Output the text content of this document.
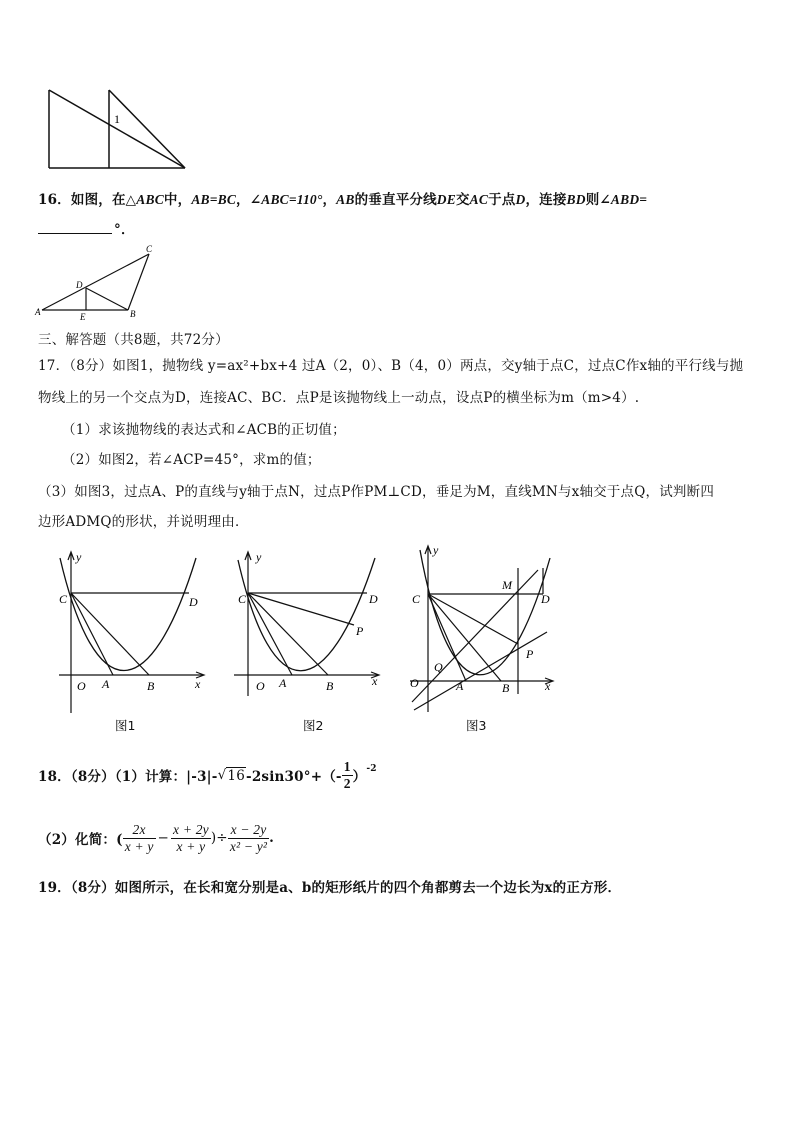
1
16．如图，在△ABC中，AB=BC，∠ABC=110°，AB的垂直平分线DE交AC于点D，连接BD则∠ABD=
°．
A	B
C
D
E
三、解答题（共8题，共72分）
17．（8分）如图1，抛物线 y=ax²+bx+4 过A（2，0）、B（4，0）两点，交y轴于点C，过点C作x轴的平行线与抛
物线上的另一个交点为D，连接AC、BC．点P是该抛物线上一动点，设点P的横坐标为m（m>4）.
（1）求该抛物线的表达式和∠ACB的正切值；
（2）如图2，若∠ACP=45°，求m的值；
（3）如图3，过点A、P的直线与y轴于点N，过点P作PM⊥CD，垂足为M，直线MN与x轴交于点Q，试判断四
边形ADMQ的形状，并说明理由．
y
x
O A	B
C	D
图1
y
x
O A	B
C	D
P
图2
y
x
O	A	B
C	D
M
P
Q
图3
18．（8分）（1）计算：|-3|- √ 16 $-2\sin 30^\circ+(- \frac{1}{2} )^{-2}$
（2）化简：( $\frac{2x}{x + y} - \frac{x + 2y}{x + y}$ )÷ $\frac{x - 2y}{\text{x² − y²}}$ .
19．（8分）如图所示，在长和宽分别是a、b的矩形纸片的四个角都剪去一个边长为x的正方形．
